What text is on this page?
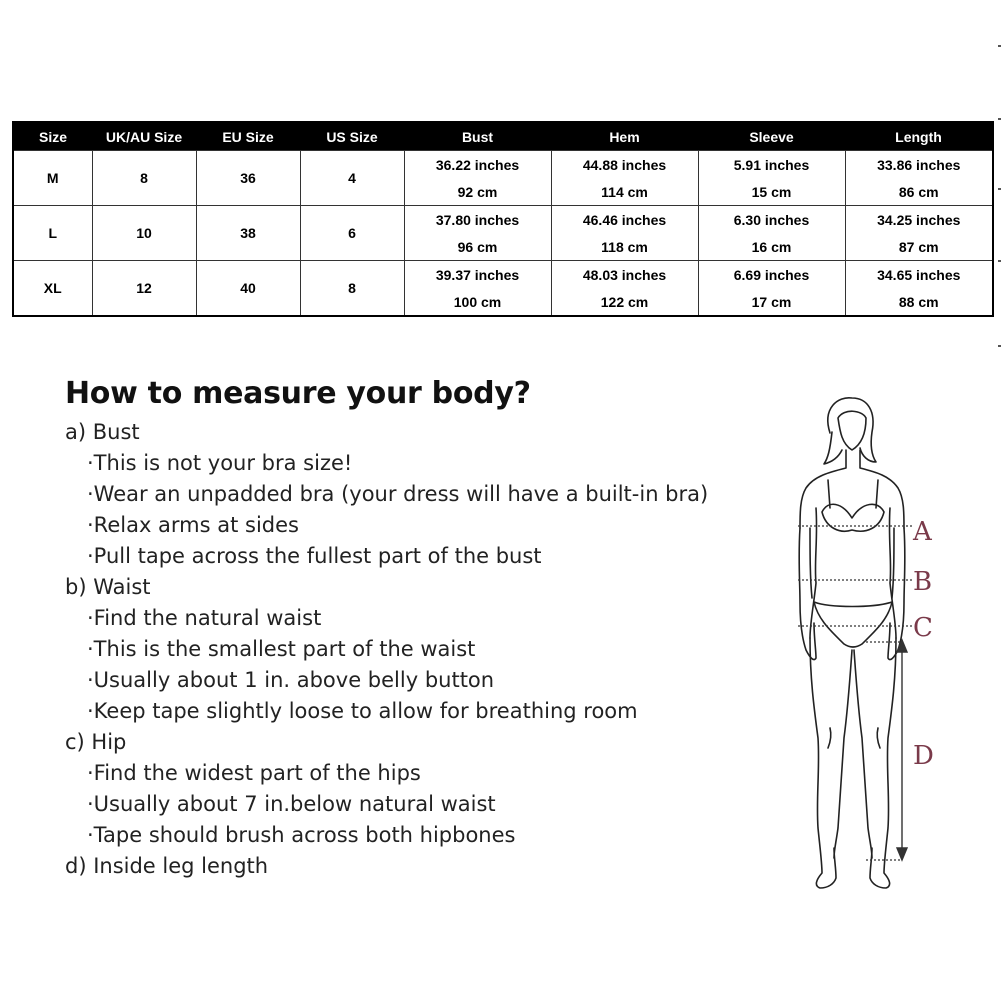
Size	UK/AU Size	EU Size	US Size	Bust	Hem	Sleeve	Length
M	8	36	4	36.22 inches	44.88 inches	5.91 inches	33.86 inches
				92 cm	114 cm	15 cm	86 cm
L	10	38	6	37.80 inches	46.46 inches	6.30 inches	34.25 inches
				96 cm	118 cm	16 cm	87 cm
XL	12	40	8	39.37 inches	48.03 inches	6.69 inches	34.65 inches
				100 cm	122 cm	17 cm	88 cm
How to measure your body?

a) Bust

·This is not your bra size!

·Wear an unpadded bra (your dress will have a built-in bra)

·Relax arms at sides

·Pull tape across the fullest part of the bust

b) Waist

·Find the natural waist

·This is the smallest part of the waist

·Usually about 1 in. above belly button

·Keep tape slightly loose to allow for breathing room

c) Hip

·Find the widest part of the hips

·Usually about 7 in.below natural waist

·Tape should brush across both hipbones

d) Inside leg length

A
B
C
D
